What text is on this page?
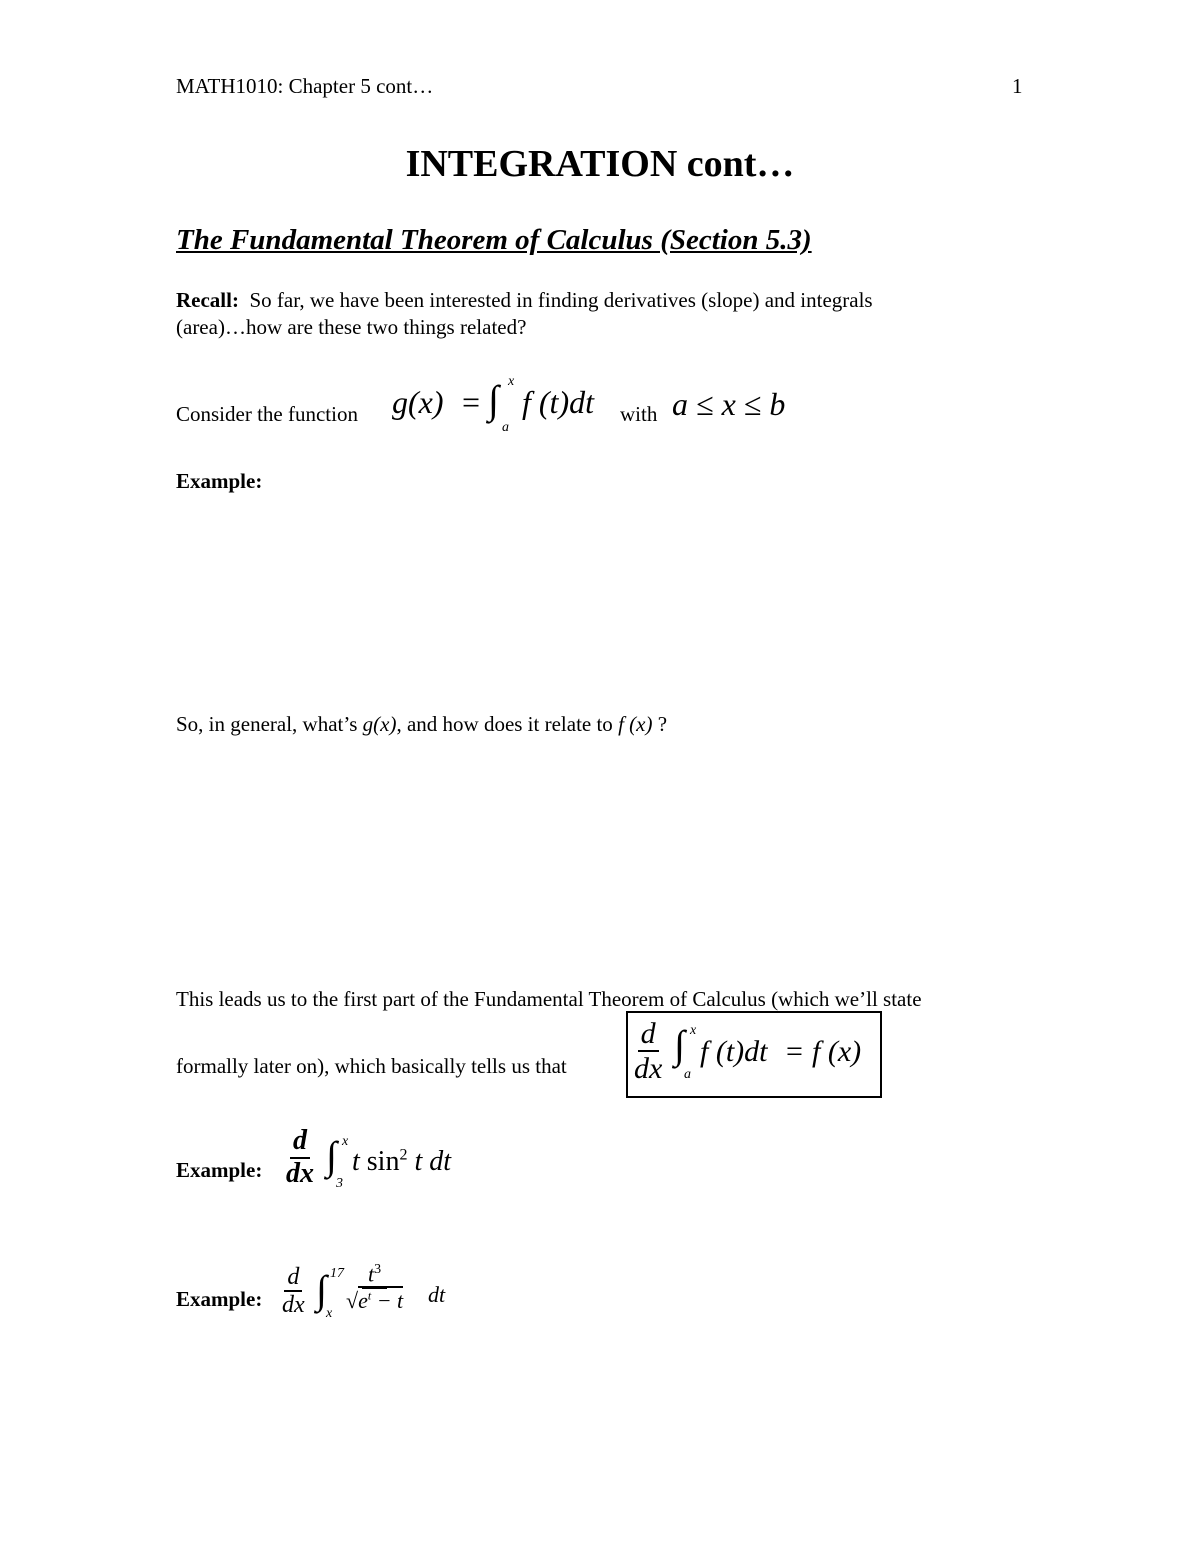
MATH1010: Chapter 5 cont…	1
INTEGRATION cont…
The Fundamental Theorem of Calculus (Section 5.3)
Recall: So far, we have been interested in finding derivatives (slope) and integrals
(area)…how are these two things related?
Consider the function	g(x) = ∫ x
a
f (t)dt with a ≤ x ≤ b
Example:
So, in general, what’s g(x), and how does it relate to f (x) ?
This leads us to the first part of the Fundamental Theorem of Calculus (which we’ll state
formally later on), which basically tells us that	$\frac{d}{dx}$ ∫ x
a
f (t)dt = f (x)
Example: $\frac{d}{dx}$ ∫ x
3
t $\sin^2 t$ dt
Example: $\frac{d}{dx}$ ∫ 17
x
$\frac{t^3}{√e^t - t}$ dt
